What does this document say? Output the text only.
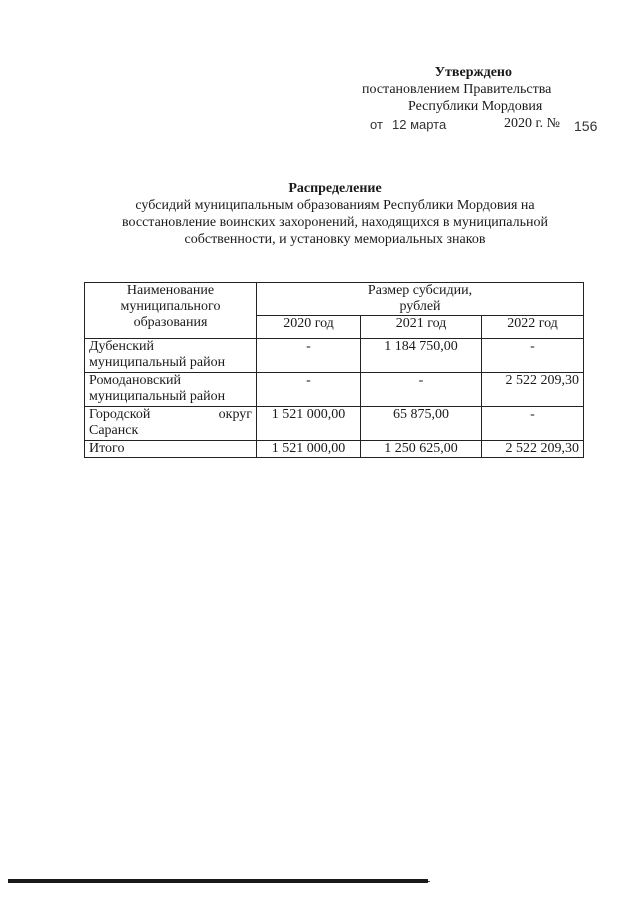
Утверждено
постановлением Правительства
Республики Мордовия
от 12 марта	2020 г. № 156
Распределение
субсидий муниципальным образованиям Республики Мордовия на
восстановление воинских захоронений, находящихся в муниципальной
собственности, и установку мемориальных знаков
Наименование муниципального образования	Размер субсидии,
рублей		

	2020 год	2021 год	2022 год
Дубенский муниципальный район	-	1 184 750,00	-
Ромодановский муниципальный район	-	-	2 522 209,30

Городской округ
Саранск	1 521 000,00	65 875,00	-
Итого	1 521 000,00	1 250 625,00	2 522 209,30
